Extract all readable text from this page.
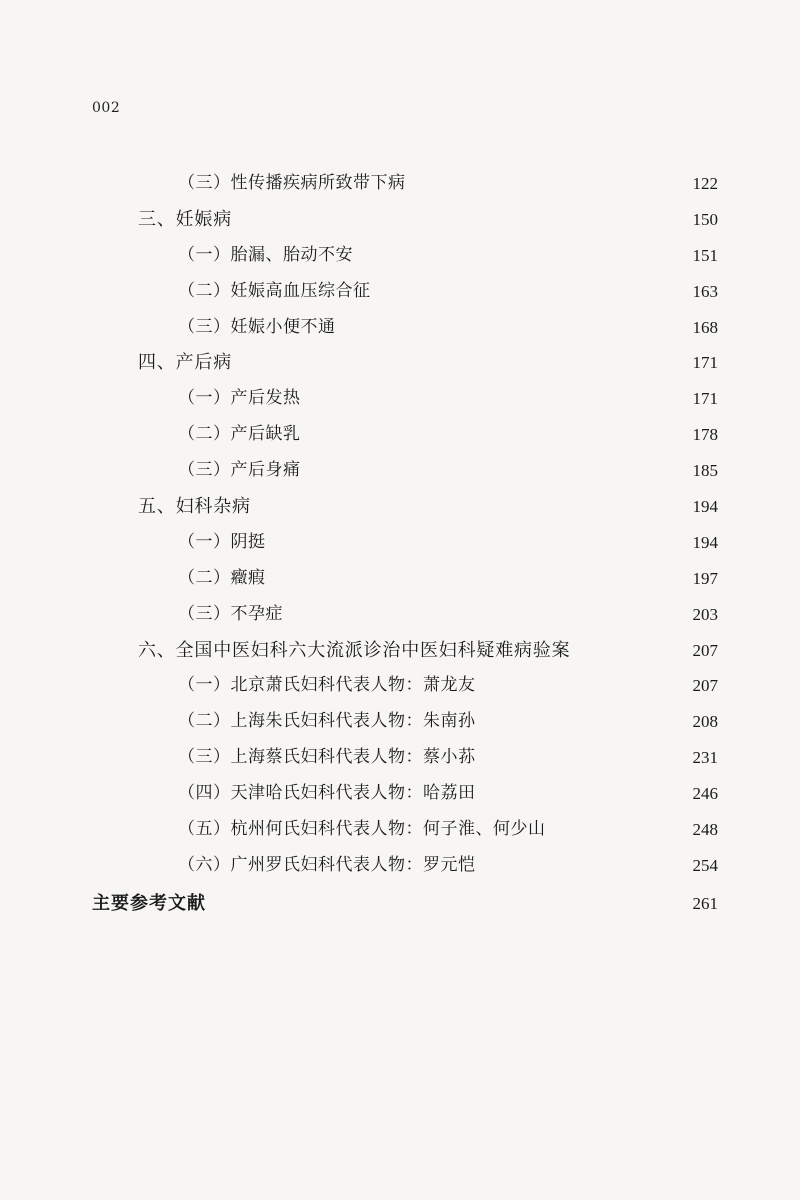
002
（三）性传播疾病所致带下病	122
三、妊娠病	150
（一）胎漏、胎动不安	151
（二）妊娠高血压综合征	163
（三）妊娠小便不通	168
四、产后病	171
（一）产后发热	171
（二）产后缺乳	178
（三）产后身痛	185
五、妇科杂病	194
（一）阴挺	194
（二）癥瘕	197
（三）不孕症	203
六、全国中医妇科六大流派诊治中医妇科疑难病验案	207
（一）北京萧氏妇科代表人物：萧龙友	207
（二）上海朱氏妇科代表人物：朱南孙	208
（三）上海蔡氏妇科代表人物：蔡小荪	231
（四）天津哈氏妇科代表人物：哈荔田	246
（五）杭州何氏妇科代表人物：何子淮、何少山	248
（六）广州罗氏妇科代表人物：罗元恺	254
主要参考文献	261
